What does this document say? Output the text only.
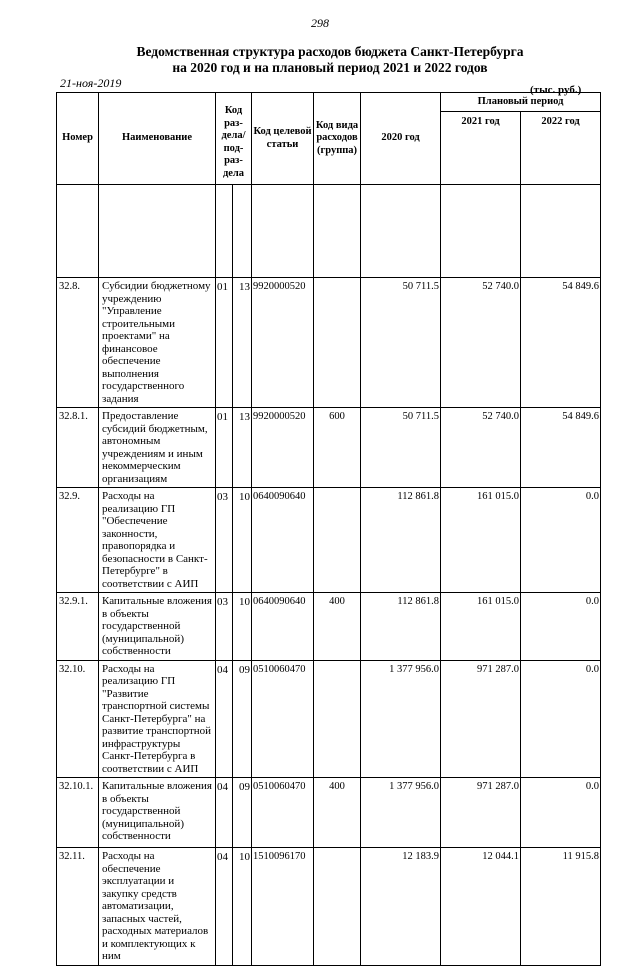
298
Ведомственная структура расходов бюджета Санкт-Петербурга
на 2020 год и на плановый период 2021 и 2022 годов
21-ноя-2019	(тыс. руб.)
Номер	Наименование	Код раз-дела/ под-раз-дела		Код целевой статьи	Код вида расходов (группа)	2020 год	Плановый период	
							2021 год	2022 год

32.8.	Субсидии бюджетному учреждению "Управление строительными проектами" на финансовое обеспечение выполнения государственного задания	01	13	9920000520		50 711.5	52 740.0	54 849.6
32.8.1.	Предоставление субсидий бюджетным, автономным учреждениям и иным некоммерческим организациям	01	13	9920000520	600	50 711.5	52 740.0	54 849.6
32.9.	Расходы на реализацию ГП "Обеспечение законности, правопорядка и безопасности в Санкт-Петербурге" в соответствии с АИП	03	10	0640090640		112 861.8	161 015.0	0.0
32.9.1.	Капитальные вложения в объекты государственной (муниципальной) собственности	03	10	0640090640	400	112 861.8	161 015.0	0.0
32.10.	Расходы на реализацию ГП "Развитие транспортной системы Санкт-Петербурга" на развитие транспортной инфраструктуры Санкт-Петербурга в соответствии с АИП	04	09	0510060470		1 377 956.0	971 287.0	0.0
32.10.1.	Капитальные вложения в объекты государственной (муниципальной) собственности	04	09	0510060470	400	1 377 956.0	971 287.0	0.0
32.11.	Расходы на обеспечение эксплуатации и закупку средств автоматизации, запасных частей, расходных материалов и комплектующих к ним	04	10	1510096170		12 183.9	12 044.1	11 915.8
